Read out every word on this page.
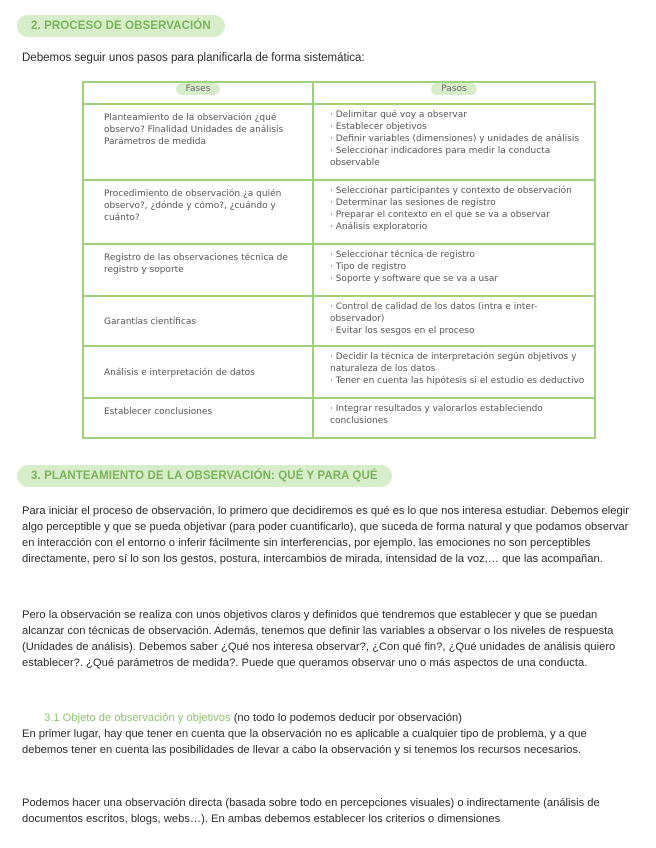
2. PROCESO DE OBSERVACIÓN
Debemos seguir unos pasos para planificarla de forma sistemática:
Fases	Pasos
Planteamiento de la observación ¿qué observo? Finalidad Unidades de análisis Parámetros de medida	· Delimitar qué voy a observar
· Establecer objetivos
· Definir variables (dimensiones) y unidades de análisis
· Seleccionar indicadores para medir la conducta observable

Procedimiento de observación ¿a quién observo?, ¿dónde y cómo?, ¿cuándo y cuánto?	· Seleccionar participantes y contexto de observación
· Determinar las sesiones de registro
· Preparar el contexto en el que se va a observar
· Análisis exploratorio

Registro de las observaciones técnica de registro y soporte	· Seleccionar técnica de registro
· Tipo de registro
· Soporte y software que se va a usar

Garantías científicas	· Control de calidad de los datos (intra e inter-observador)
· Evitar los sesgos en el proceso

Análisis e interpretación de datos	· Decidir la técnica de interpretación según objetivos y naturaleza de los datos
· Tener en cuenta las hipótesis si el estudio es deductivo

Establecer conclusiones	· Integrar resultados y valorarlos estableciendo conclusiones
3. PLANTEAMIENTO DE LA OBSERVACIÓN: QUÉ Y PARA QUÉ
Para iniciar el proceso de observación, lo primero que decidiremos es qué es lo que nos interesa estudiar. Debemos elegir algo perceptible y que se pueda objetivar (para poder cuantificarlo), que suceda de forma natural y que podamos observar en interacción con el entorno o inferir fácilmente sin interferencias, por ejemplo, las emociones no son perceptibles directamente, pero sí lo son los gestos, postura, intercambios de mirada, intensidad de la voz,… que las acompañan.
Pero la observación se realiza con unos objetivos claros y definidos que tendremos que establecer y que se puedan alcanzar con técnicas de observación. Además, tenemos que definir las variables a observar o los niveles de respuesta (Unidades de análisis). Debemos saber ¿Qué nos interesa observar?, ¿Con qué fin?, ¿Qué unidades de análisis quiero establecer?. ¿Qué parámetros de medida?. Puede que queramos observar uno o más aspectos de una conducta.
3.1 Objeto de observación y objetivos (no todo lo podemos deducir por observación)
En primer lugar, hay que tener en cuenta que la observación no es aplicable a cualquier tipo de problema, y a que debemos tener en cuenta las posibilidades de llevar a cabo la observación y si tenemos los recursos necesarios.
Podemos hacer una observación directa (basada sobre todo en percepciones visuales) o indirectamente (análisis de documentos escritos, blogs, webs…). En ambas debemos establecer los criterios o dimensiones
